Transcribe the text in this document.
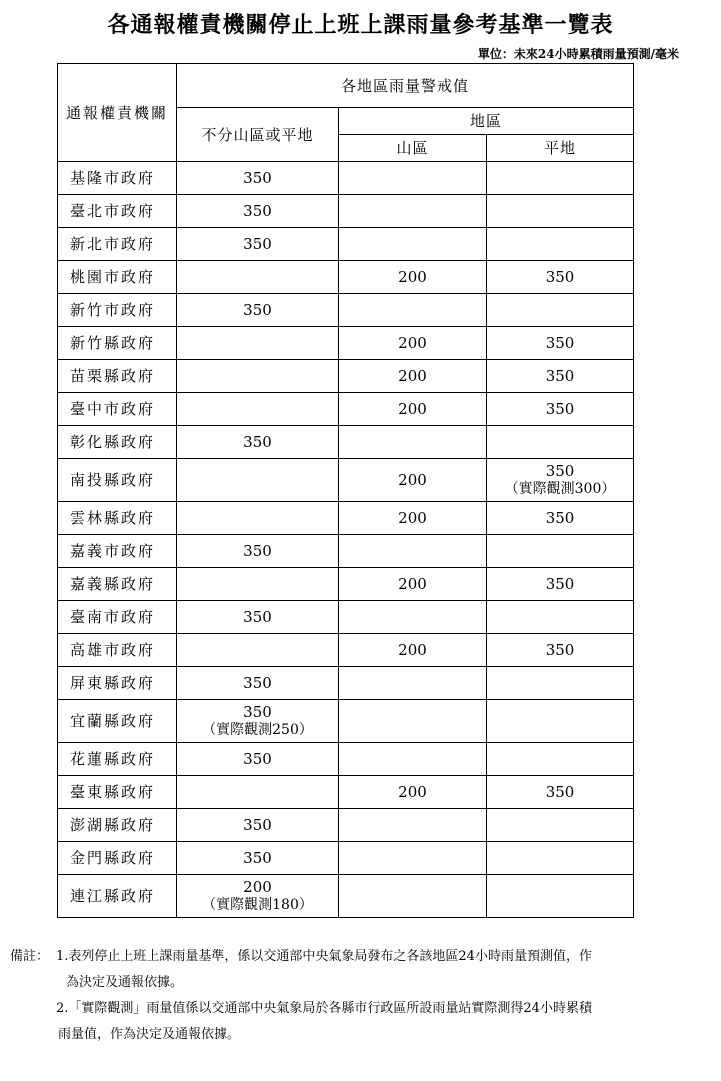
各通報權責機關停止上班上課雨量參考基準一覽表
單位：未來24小時累積雨量預測/毫米
通報權責機關	各地區雨量警戒值		
	不分山區或平地	地區	
		山區	平地
基隆市政府	350		
臺北市政府	350		
新北市政府	350		
桃園市政府		200	350
新竹市政府	350		
新竹縣政府		200	350
苗栗縣政府		200	350
臺中市政府		200	350
彰化縣政府	350		
南投縣政府		200	350
（實際觀測300）

雲林縣政府		200	350
嘉義市政府	350		
嘉義縣政府		200	350
臺南市政府	350		
高雄市政府		200	350
屏東縣政府	350		
宜蘭縣政府	350
（實際觀測250）		

花蓮縣政府	350		
臺東縣政府		200	350
澎湖縣政府	350		
金門縣政府	350		
連江縣政府	200
（實際觀測180）		

備註： 1.表列停止上班上課雨量基準，係以交通部中央氣象局發布之各該地區24小時雨量預測值，作
為決定及通報依據。
2.「實際觀測」雨量值係以交通部中央氣象局於各縣市行政區所設雨量站實際測得24小時累積
雨量值，作為決定及通報依據。
